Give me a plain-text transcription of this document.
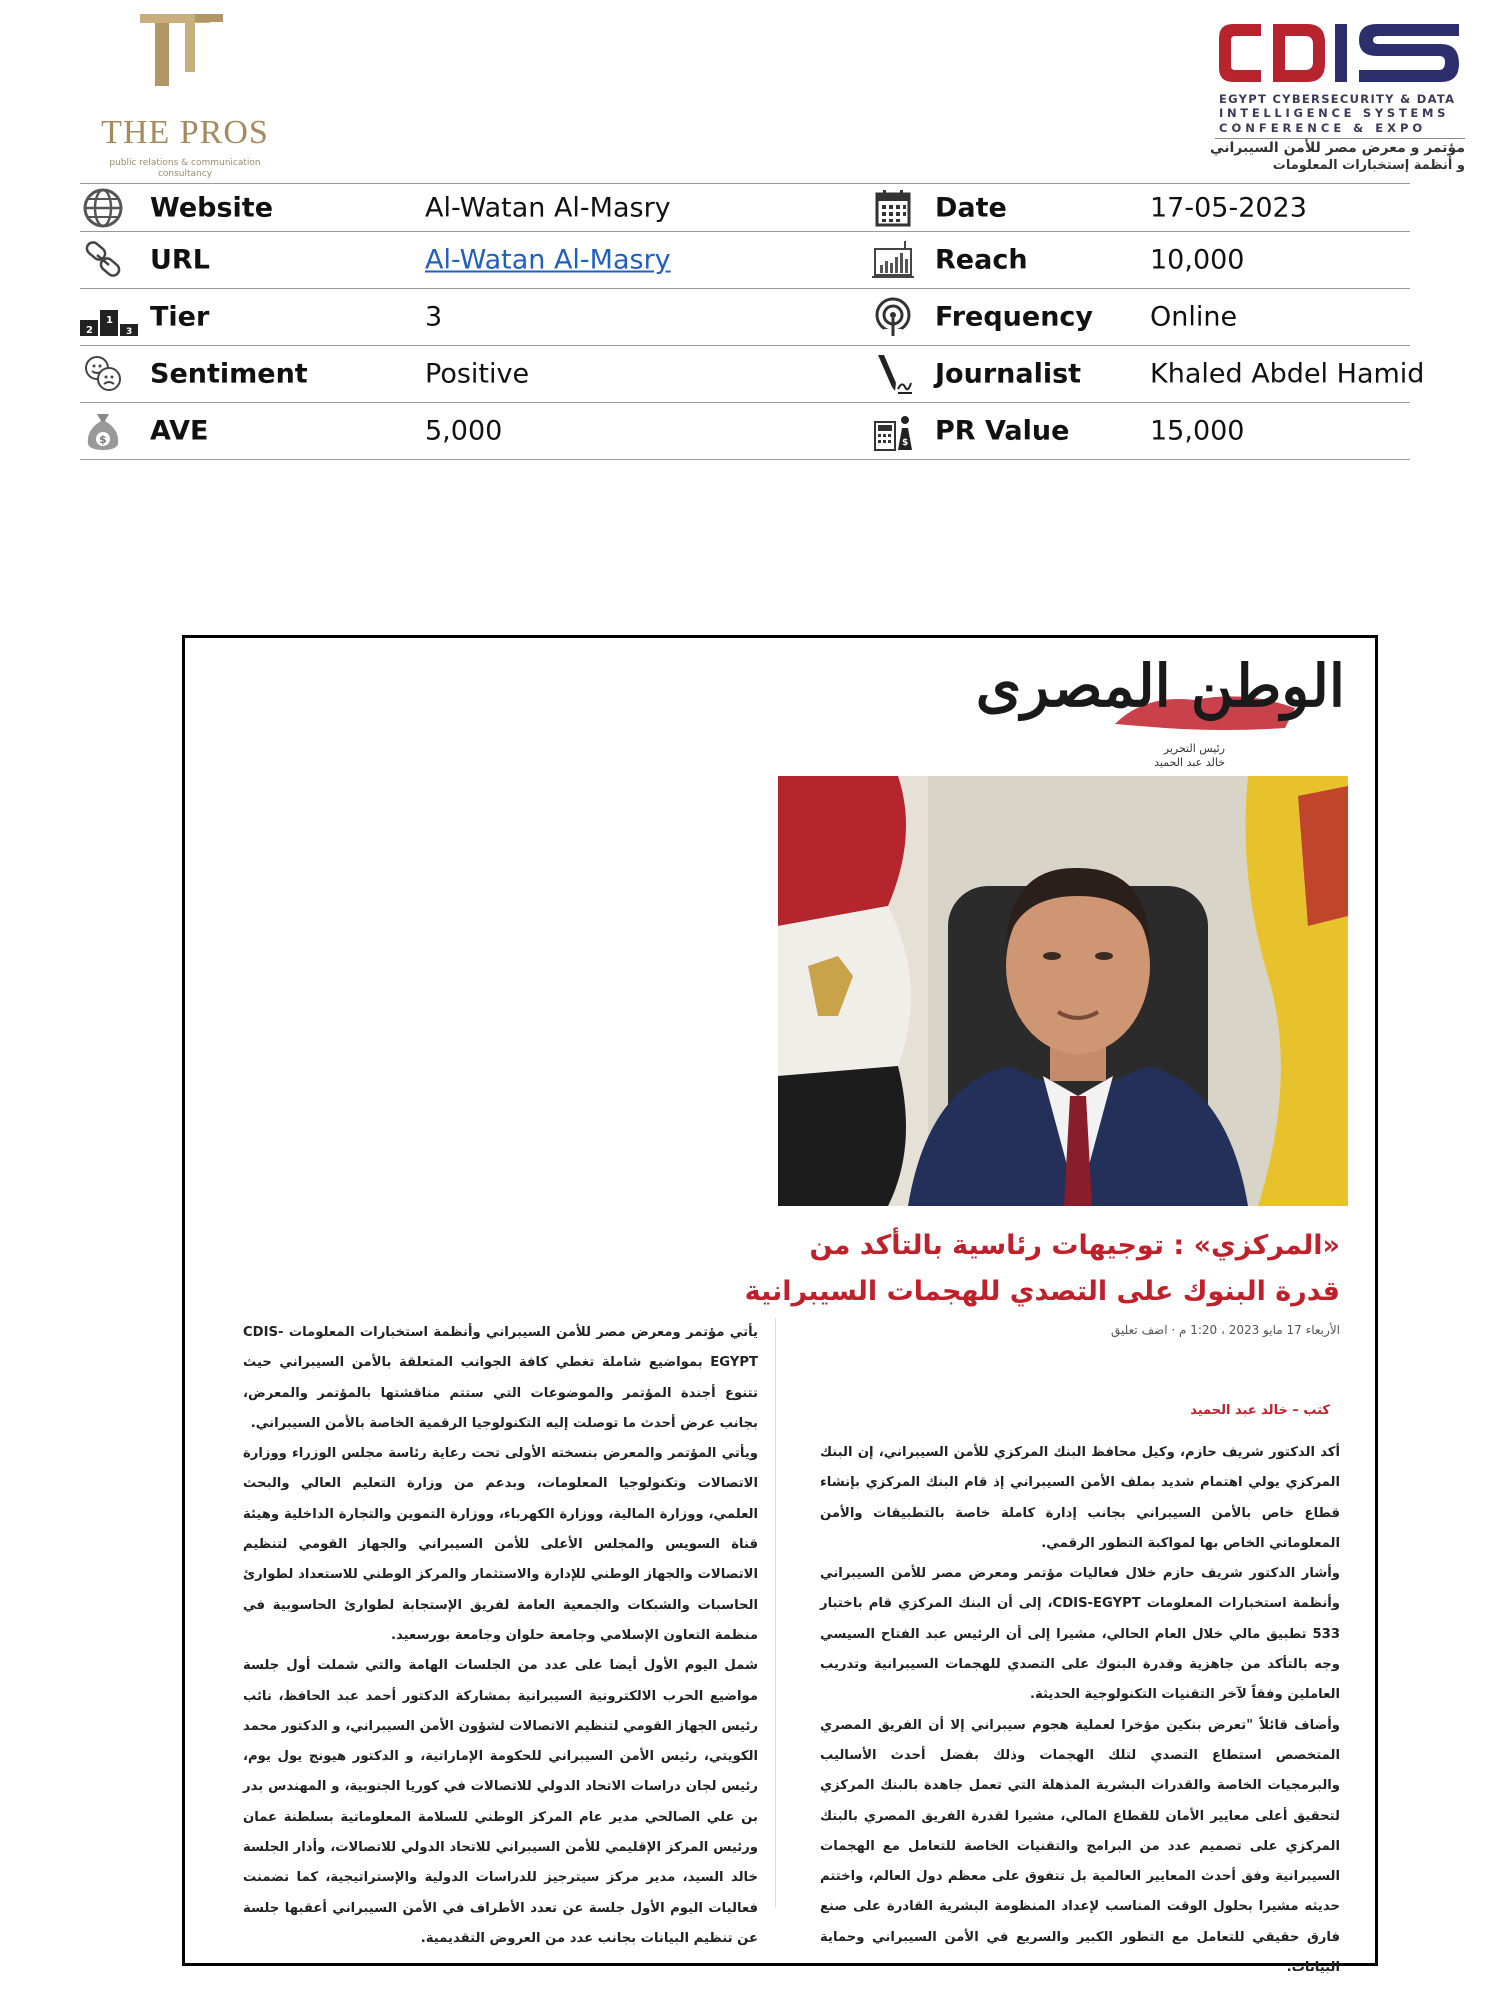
THE PROS
public relations & communication consultancy
EGYPT CYBERSECURITY & DATA
INTELLIGENCE SYSTEMS
CONFERENCE & EXPO
مؤتمر و معرض مصر للأمن السيبراني
و أنظمة إستخبارات المعلومات
Website	Al-Watan Al-Masry	Date	17-05-2023
URL	Al-Watan Al-Masry	Reach	10,000
2
1
3 Tier	3	Frequency Online
Sentiment	Positive	Journalist	Khaled Abdel Hamid
$ AVE	5,000	$ PR Value	15,000
الوطن المصرى
رئيس التحرير
خالد عبد الحميد
«المركزي» : توجيهات رئاسية بالتأكد من قدرة البنوك على التصدي للهجمات السيبرانية
الأربعاء 17 مايو 2023 ، 1:20 م · اضف تعليق
كتب – خالد عبد الحميد

أكد الدكتور شريف حازم، وكيل محافظ البنك المركزي للأمن السيبراني، إن البنك المركزي يولي اهتمام شديد بملف الأمن السيبراني إذ قام البنك المركزي بإنشاء قطاع خاص بالأمن السيبراني بجانب إدارة كاملة خاصة بالتطبيقات والأمن المعلوماتي الخاص بها لمواكبة التطور الرقمي.

وأشار الدكتور شريف حازم خلال فعاليات مؤتمر ومعرض مصر للأمن السيبراني وأنظمة استخبارات المعلومات CDIS-EGYPT، إلى أن البنك المركزي قام باختبار 533 تطبيق مالي خلال العام الحالي، مشيرا إلى أن الرئيس عبد الفتاح السيسي وجه بالتأكد من جاهزية وقدرة البنوك على التصدي للهجمات السيبرانية وتدريب العاملين وفقاً لآخر التقنيات التكنولوجية الحديثة.

وأضاف قائلاً "تعرض بنكين مؤخرا لعملية هجوم سيبراني إلا أن الفريق المصري المتخصص استطاع التصدي لتلك الهجمات وذلك بفضل أحدث الأساليب والبرمجيات الخاصة والقدرات البشرية المذهلة التي تعمل جاهدة بالبنك المركزي لتحقيق أعلى معايير الأمان للقطاع المالي، مشيرا لقدرة الفريق المصري بالبنك المركزي على تصميم عدد من البرامج والتقنيات الخاصة للتعامل مع الهجمات السيبرانية وفق أحدث المعايير العالمية بل تتفوق على معظم دول العالم، واختتم حديثه مشيرا بحلول الوقت المناسب لإعداد المنظومة البشرية القادرة على صنع فارق حقيقي للتعامل مع التطور الكبير والسريع في الأمن السيبراني وحماية البيانات.

يأتي مؤتمر ومعرض مصر للأمن السيبراني وأنظمة استخبارات المعلومات CDIS-EGYPT بمواضيع شاملة تغطي كافة الجوانب المتعلقة بالأمن السيبراني حيث تتنوع أجندة المؤتمر والموضوعات التي ستتم مناقشتها بالمؤتمر والمعرض، بجانب عرض أحدث ما توصلت إليه التكنولوجيا الرقمية الخاصة بالأمن السيبراني.

ويأتي المؤتمر والمعرض بنسخته الأولى تحت رعاية رئاسة مجلس الوزراء ووزارة الاتصالات وتكنولوجيا المعلومات، وبدعم من وزارة التعليم العالي والبحث العلمي، ووزارة المالية، ووزارة الكهرباء، ووزارة التموين والتجارة الداخلية وهيئة قناة السويس والمجلس الأعلى للأمن السيبراني والجهاز القومي لتنظيم الاتصالات والجهاز الوطني للإدارة والاستثمار والمركز الوطني للاستعداد لطوارئ الحاسبات والشبكات والجمعية العامة لفريق الإستجابة لطوارئ الحاسوبية في منظمة التعاون الإسلامي وجامعة حلوان وجامعة بورسعيد.

شمل اليوم الأول أيضا على عدد من الجلسات الهامة والتي شملت أول جلسة مواضيع الحرب الالكترونية السيبرانية بمشاركة الدكتور أحمد عبد الحافظ، نائب رئيس الجهاز القومي لتنظيم الاتصالات لشؤون الأمن السيبراني، و الدكتور محمد الكويتي، رئيس الأمن السيبراني للحكومة الإماراتية، و الدكتور هيونج يول يوم، رئيس لجان دراسات الاتحاد الدولي للاتصالات في كوريا الجنوبية، و المهندس بدر بن علي الصالحي مدير عام المركز الوطني للسلامة المعلوماتية بسلطنة عمان ورئيس المركز الإقليمي للأمن السيبراني للاتحاد الدولي للاتصالات، وأدار الجلسة خالد السيد، مدير مركز سيترجيز للدراسات الدولية والإستراتيجية، كما تضمنت فعاليات اليوم الأول جلسة عن تعدد الأطراف في الأمن السيبراني أعقبها جلسة عن تنظيم البيانات بجانب عدد من العروض التقديمية.
